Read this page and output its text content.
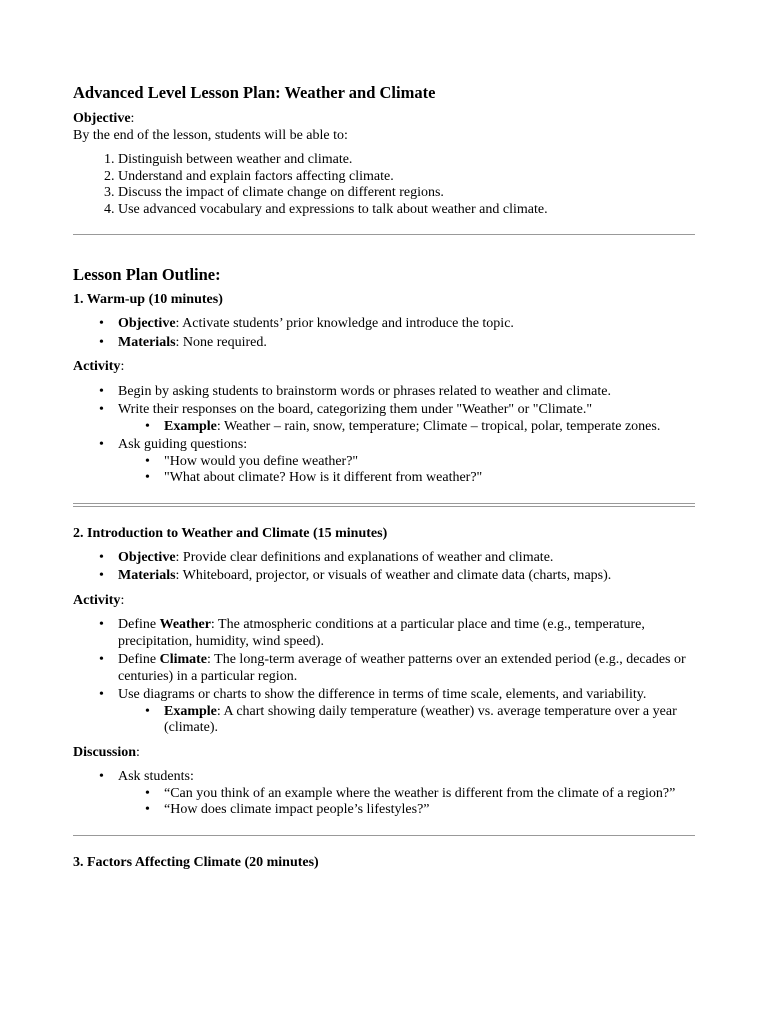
Advanced Level Lesson Plan: Weather and Climate

Objective:

By the end of the lesson, students will be able to:

1. Distinguish between weather and climate.
2. Understand and explain factors affecting climate.
3. Discuss the impact of climate change on different regions.
4. Use advanced vocabulary and expressions to talk about weather and climate.
Lesson Plan Outline:
1. Warm-up (10 minutes)
• Objective: Activate students’ prior knowledge and introduce the topic.
• Materials: None required.

Activity:

• Begin by asking students to brainstorm words or phrases related to weather and climate.
• Write their responses on the board, categorizing them under "Weather" or "Climate."
• Example: Weather – rain, snow, temperature; Climate – tropical, polar, temperate zones.
• Ask guiding questions:
• "How would you define weather?"
• "What about climate? How is it different from weather?"
2. Introduction to Weather and Climate (15 minutes)
• Objective: Provide clear definitions and explanations of weather and climate.
• Materials: Whiteboard, projector, or visuals of weather and climate data (charts, maps).

Activity:

• Define Weather: The atmospheric conditions at a particular place and time (e.g., temperature, precipitation, humidity, wind speed).
• Define Climate: The long-term average of weather patterns over an extended period (e.g., decades or centuries) in a particular region.
• Use diagrams or charts to show the difference in terms of time scale, elements, and variability.
• Example: A chart showing daily temperature (weather) vs. average temperature over a year (climate).

Discussion:

• Ask students:
• “Can you think of an example where the weather is different from the climate of a region?”
• “How does climate impact people’s lifestyles?”
3. Factors Affecting Climate (20 minutes)
